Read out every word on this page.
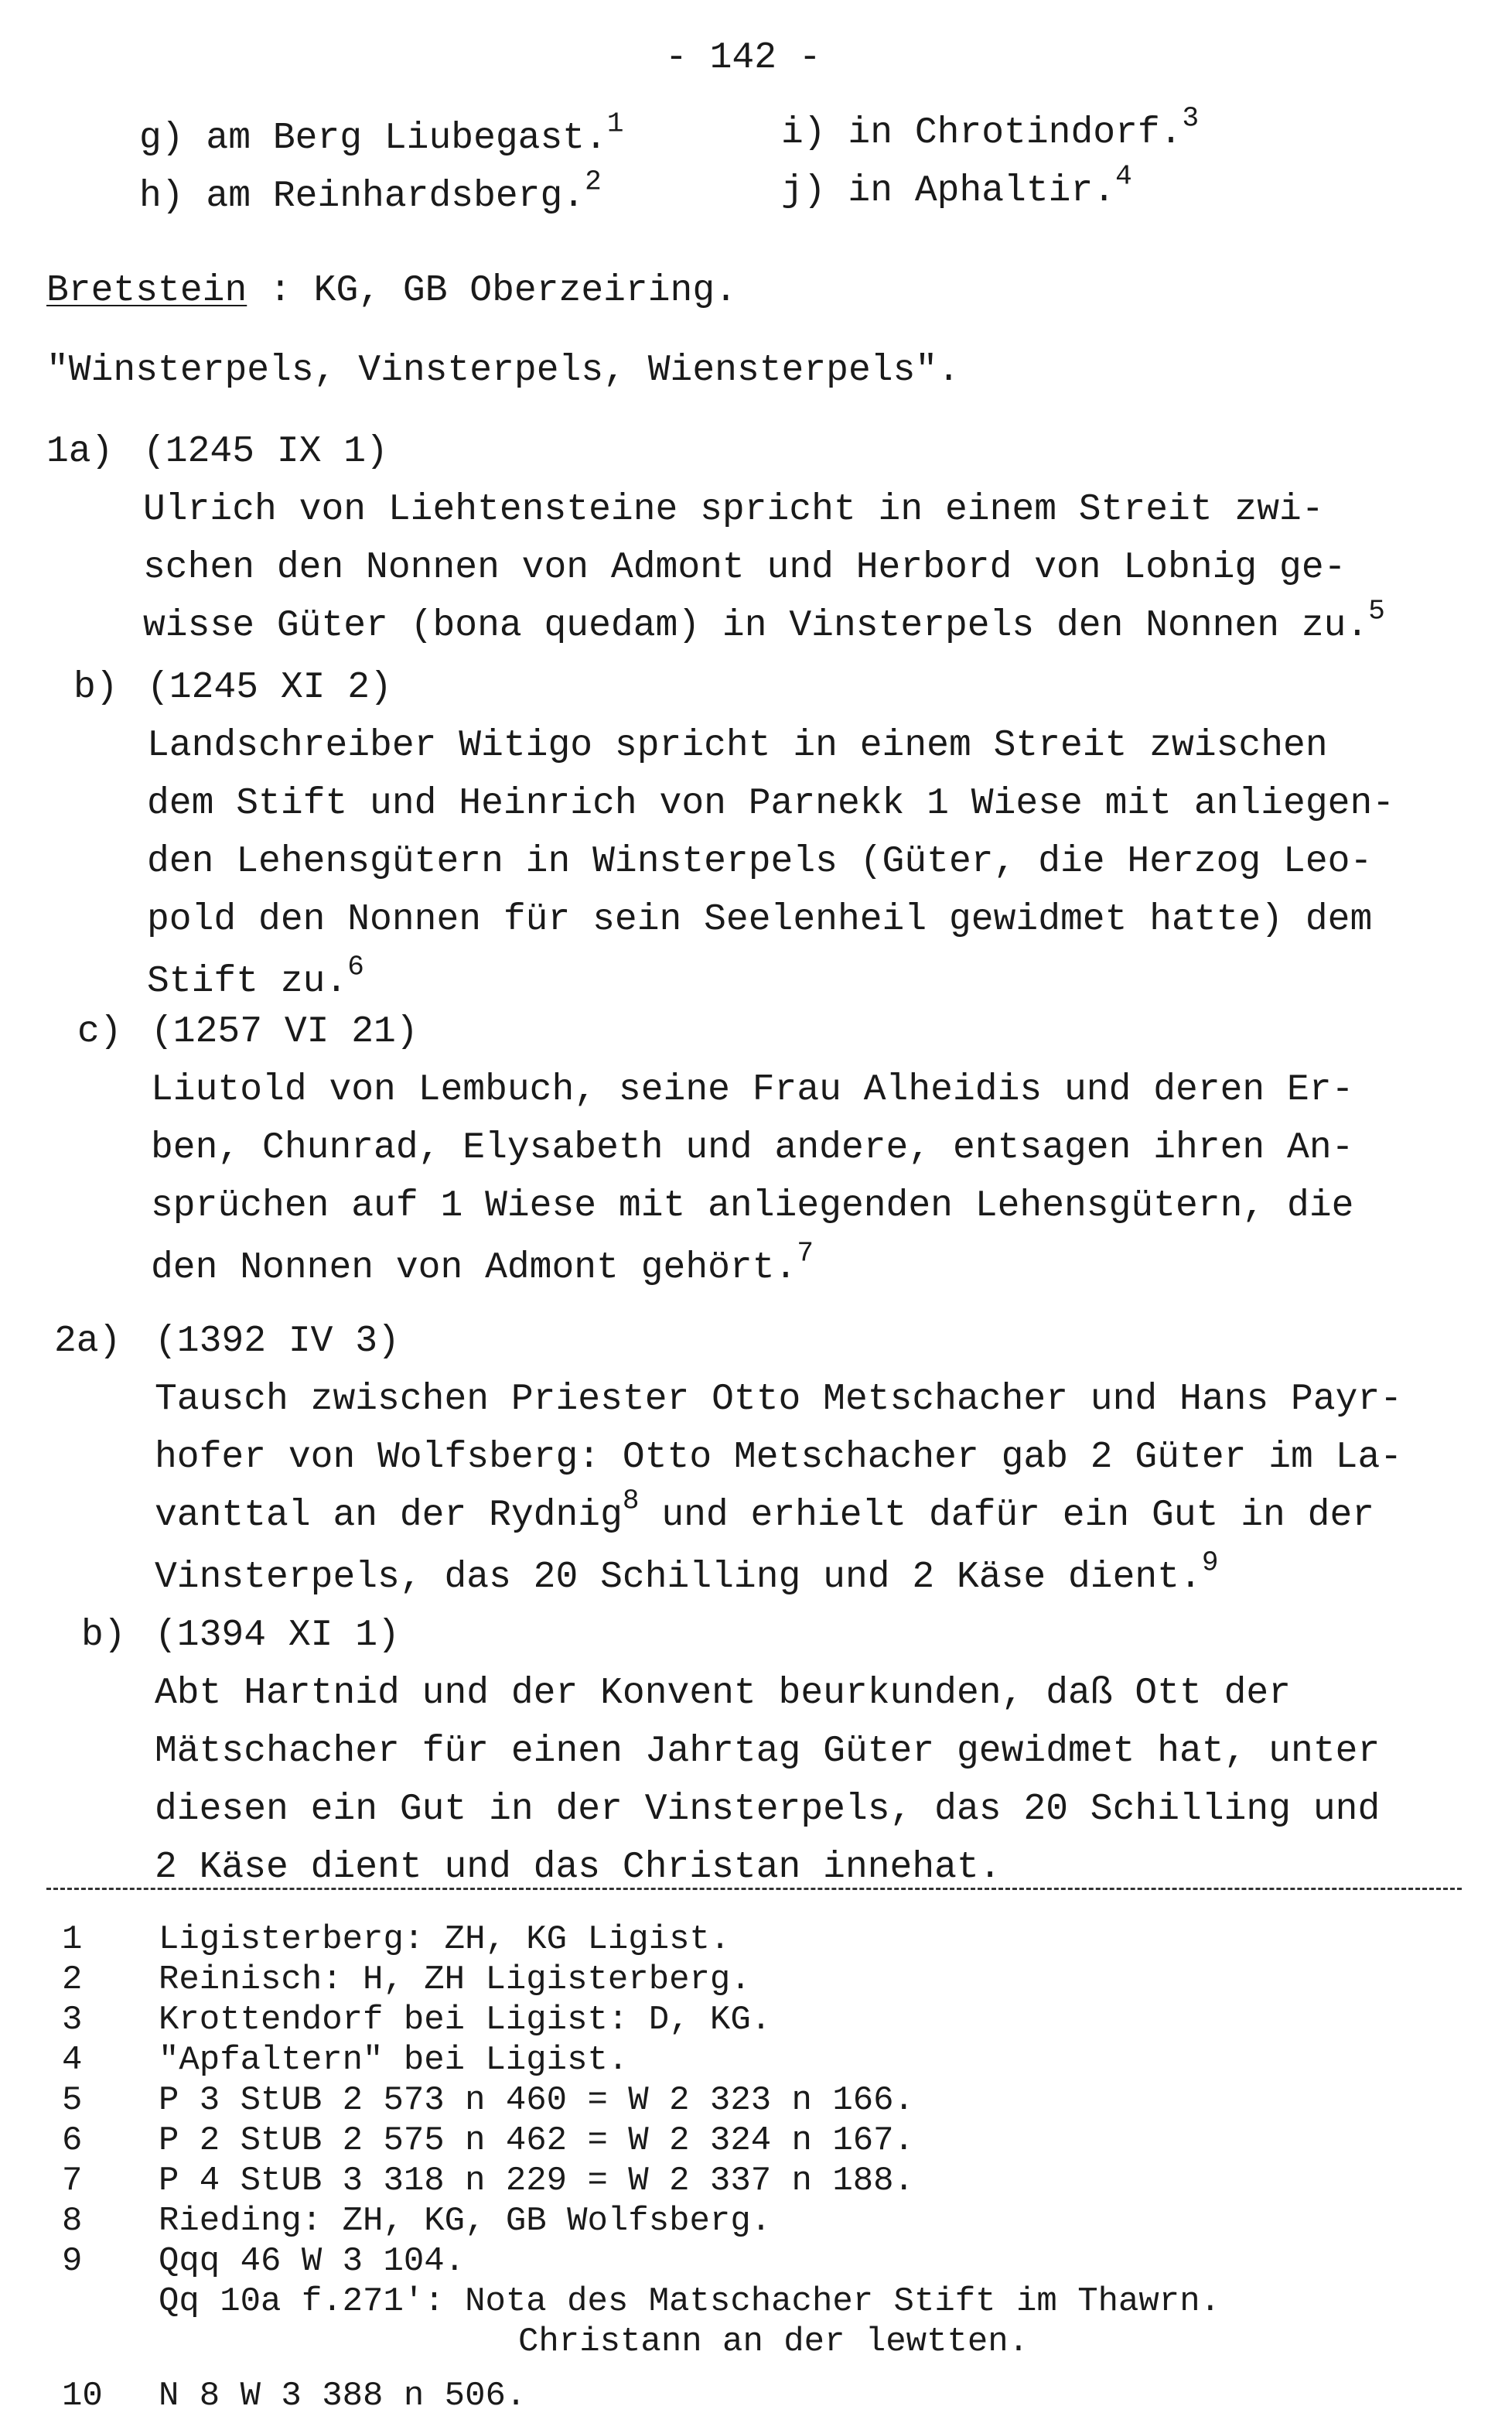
- 142 -
g) am Berg Liubegast.$^1$
h) am Reinhardsberg.$^2$
i) in Chrotindorf.$^3$
j) in Aphaltir.$^4$
Bretstein : KG, GB Oberzeiring.
"Winsterpels, Vinsterpels, Wiensterpels".
1a) (1245 IX 1)
Ulrich von Liehtensteine spricht in einem Streit zwi-
schen den Nonnen von Admont und Herbord von Lobnig ge-
wisse Güter (bona quedam) in Vinsterpels den Nonnen zu.$^5$
b) (1245 XI 2)
Landschreiber Witigo spricht in einem Streit zwischen
dem Stift und Heinrich von Parnekk 1 Wiese mit anliegen-
den Lehensgütern in Winsterpels (Güter, die Herzog Leo-
pold den Nonnen für sein Seelenheil gewidmet hatte) dem
Stift zu.$^6$
c) (1257 VI 21)
Liutold von Lembuch, seine Frau Alheidis und deren Er-
ben, Chunrad, Elysabeth und andere, entsagen ihren An-
sprüchen auf 1 Wiese mit anliegenden Lehensgütern, die
den Nonnen von Admont gehört.$^7$
2a) (1392 IV 3)
Tausch zwischen Priester Otto Metschacher und Hans Payr-
hofer von Wolfsberg: Otto Metschacher gab 2 Güter im La-
vanttal an der Rydnig$^8$ und erhielt dafür ein Gut in der
Vinsterpels, das 20 Schilling und 2 Käse dient.$^9$
b) (1394 XI 1)
Abt Hartnid und der Konvent beurkunden, daß Ott der
Mätschacher für einen Jahrtag Güter gewidmet hat, unter
diesen ein Gut in der Vinsterpels, das 20 Schilling und
2 Käse dient und das Christan innehat.
1 Ligisterberg: ZH, KG Ligist.
2 Reinisch: H, ZH Ligisterberg.
3 Krottendorf bei Ligist: D, KG.
4 "Apfaltern" bei Ligist.
5 P 3 StUB 2 573 n 460 = W 2 323 n 166.
6 P 2 StUB 2 575 n 462 = W 2 324 n 167.
7 P 4 StUB 3 318 n 229 = W 2 337 n 188.
8 Rieding: ZH, KG, GB Wolfsberg.
9 Qqq 46 W 3 104.
Qq 10a f.271': Nota des Matschacher Stift im Thawrn.
Christann an der lewtten.
10 N 8 W 3 388 n 506.
